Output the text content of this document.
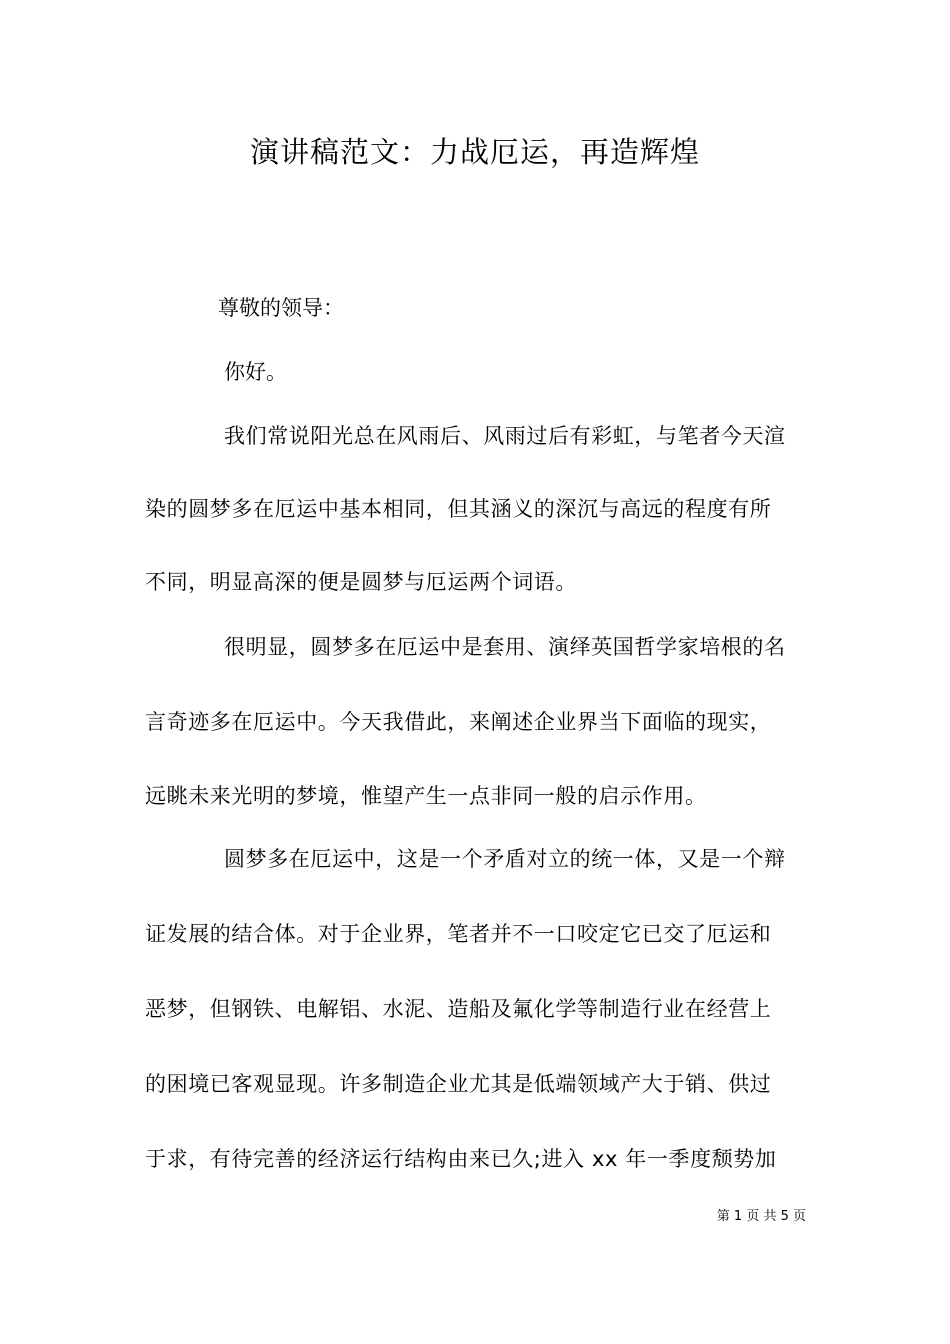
演讲稿范文：力战厄运，再造辉煌
尊敬的领导：
你好。
我们常说阳光总在风雨后、风雨过后有彩虹，与笔者今天渲
染的圆梦多在厄运中基本相同，但其涵义的深沉与高远的程度有所
不同，明显高深的便是圆梦与厄运两个词语。
很明显，圆梦多在厄运中是套用、演绎英国哲学家培根的名
言奇迹多在厄运中。今天我借此，来阐述企业界当下面临的现实，
远眺未来光明的梦境，惟望产生一点非同一般的启示作用。
圆梦多在厄运中，这是一个矛盾对立的统一体，又是一个辩
证发展的结合体。对于企业界，笔者并不一口咬定它已交了厄运和
恶梦，但钢铁、电解铝、水泥、造船及氟化学等制造行业在经营上
的困境已客观显现。许多制造企业尤其是低端领域产大于销、供过
于求，有待完善的经济运行结构由来已久;进入 xx 年一季度颓势加
第 1 页 共 5 页
